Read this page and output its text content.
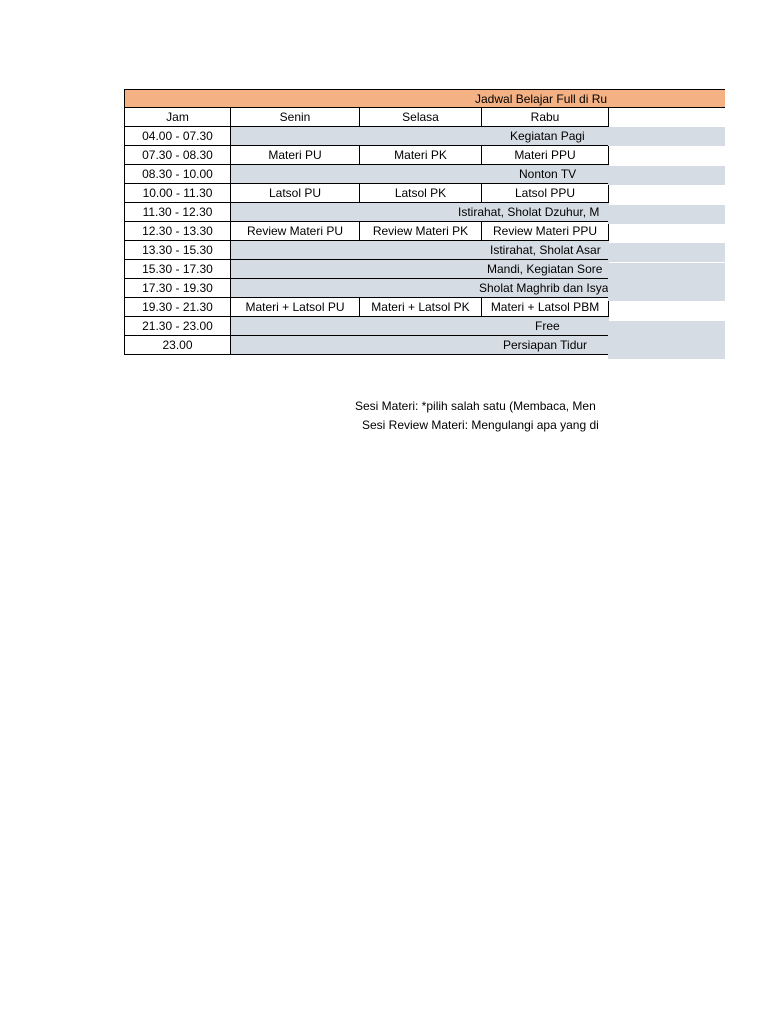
Jadwal Belajar Full di Ru
Jam	Senin	Selasa	Rabu
04.00 - 07.30	Kegiatan Pagi		

07.30 - 08.30	Materi PU	Materi PK	Materi PPU
08.30 - 10.00	Nonton TV		

10.00 - 11.30	Latsol PU	Latsol PK	Latsol PPU
11.30 - 12.30	Istirahat, Sholat Dzuhur, M		

12.30 - 13.30	Review Materi PU	Review Materi PK	Review Materi PPU
13.30 - 15.30	Istirahat, Sholat Asar		

15.30 - 17.30	Mandi, Kegiatan Sore		

17.30 - 19.30	Sholat Maghrib dan Isya		

19.30 - 21.30	Materi + Latsol PU	Materi + Latsol PK	Materi + Latsol PBM
21.30 - 23.00	Free		

23.00	Persiapan Tidur		
Sesi Materi: *pilih salah satu (Membaca, Men
Sesi Review Materi: Mengulangi apa yang di
